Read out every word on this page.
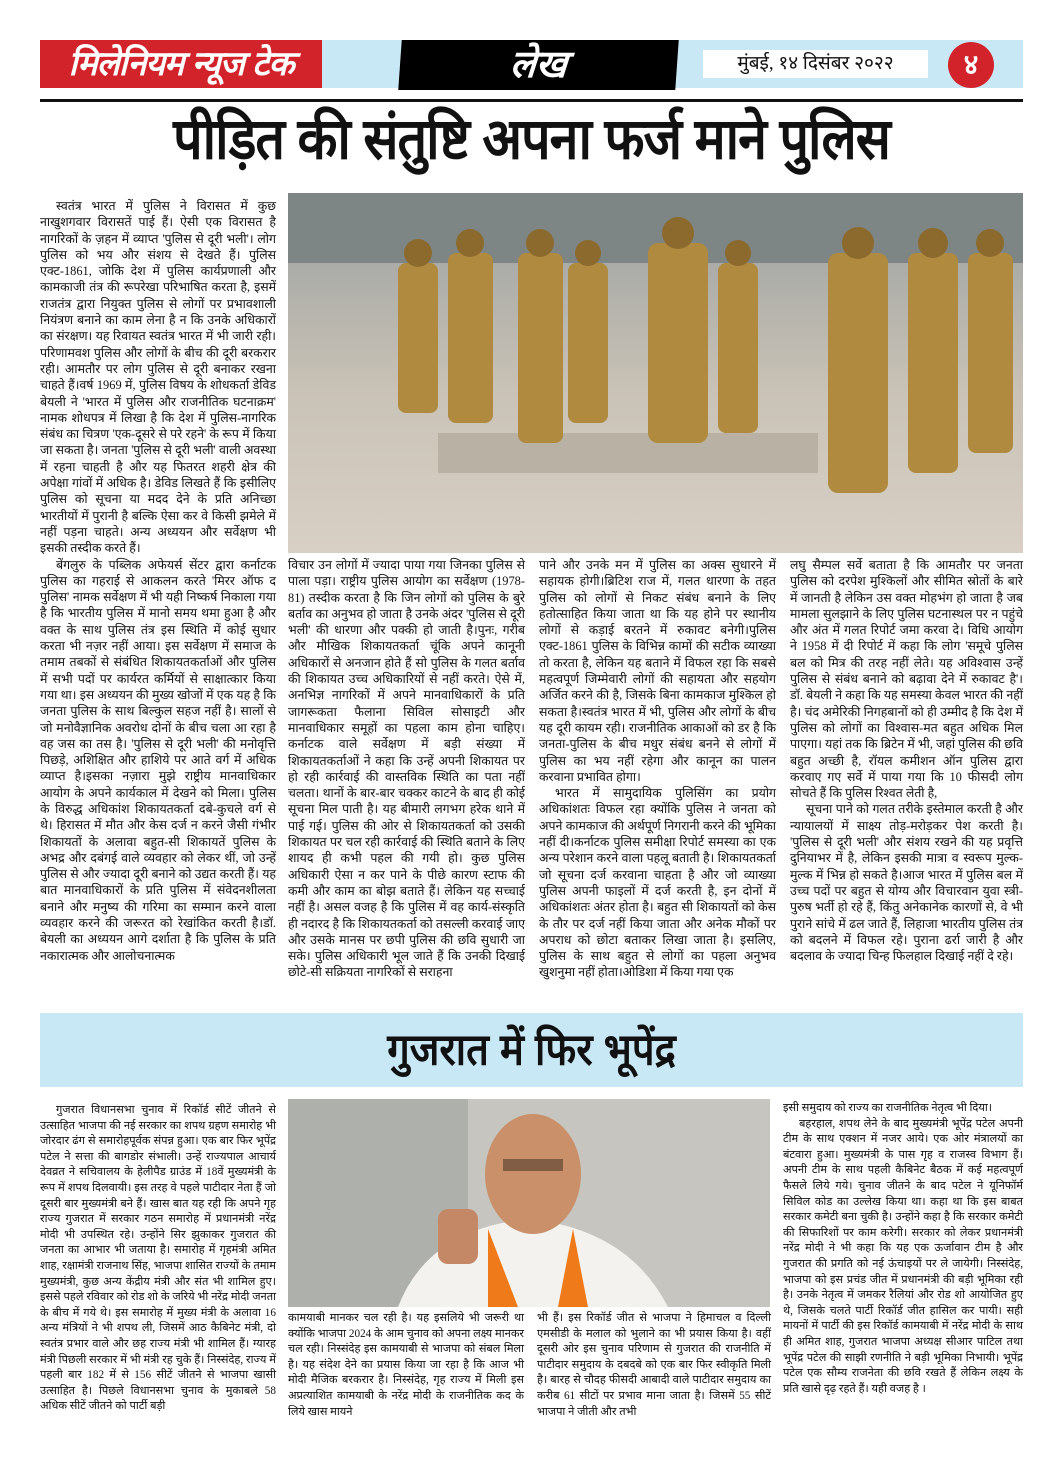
मिलेनियम न्यूज टेक	लेख	मुंबई, १४ दिसंबर २०२२	४
पीड़ित की संतुष्टि अपना फर्ज माने पुलिस

स्वतंत्र भारत में पुलिस ने विरासत में कुछ नाखुशगवार विरासतें पाई हैं। ऐसी एक विरासत है नागरिकों के ज़हन में व्याप्त 'पुलिस से दूरी भली'। लोग पुलिस को भय और संशय से देखते हैं। पुलिस एक्ट-1861, जोकि देश में पुलिस कार्यप्रणाली और कामकाजी तंत्र की रूपरेखा परिभाषित करता है, इसमें राजतंत्र द्वारा नियुक्त पुलिस से लोगों पर प्रभावशाली नियंत्रण बनाने का काम लेना है न कि उनके अधिकारों का संरक्षण। यह रिवायत स्वतंत्र भारत में भी जारी रही। परिणामवश पुलिस और लोगों के बीच की दूरी बरकरार रही। आमतौर पर लोग पुलिस से दूरी बनाकर रखना चाहते हैं।वर्ष 1969 में, पुलिस विषय के शोधकर्ता डेविड बेयली ने 'भारत में पुलिस और राजनीतिक घटनाक्रम' नामक शोधपत्र में लिखा है कि देश में पुलिस-नागरिक संबंध का चित्रण 'एक-दूसरे से परे रहने' के रूप में किया जा सकता है। जनता 'पुलिस से दूरी भली' वाली अवस्था में रहना चाहती है और यह फितरत शहरी क्षेत्र की अपेक्षा गांवों में अधिक है। डेविड लिखते हैं कि इसीलिए पुलिस को सूचना या मदद देने के प्रति अनिच्छा भारतीयों में पुरानी है बल्कि ऐसा कर वे किसी झमेले में नहीं पड़ना चाहते। अन्य अध्ययन और सर्वेक्षण भी इसकी तस्दीक करते हैं।

बेंगलुरु के पब्लिक अफेयर्स सेंटर द्वारा कर्नाटक पुलिस का गहराई से आकलन करते 'मिरर ऑफ द पुलिस' नामक सर्वेक्षण में भी यही निष्कर्ष निकाला गया है कि भारतीय पुलिस में मानो समय थमा हुआ है और वक्त के साथ पुलिस तंत्र इस स्थिति में कोई सुधार करता भी नज़र नहीं आया। इस सर्वेक्षण में समाज के तमाम तबकों से संबंधित शिकायतकर्ताओं और पुलिस में सभी पदों पर कार्यरत कर्मियों से साक्षात्कार किया गया था। इस अध्ययन की मुख्य खोजों में एक यह है कि जनता पुलिस के साथ बिल्कुल सहज नहीं है। सालों से जो मनोवैज्ञानिक अवरोध दोनों के बीच चला आ रहा है वह जस का तस है। 'पुलिस से दूरी भली' की मनोवृत्ति पिछड़े, अशिक्षित और हाशिये पर आते वर्ग में अधिक व्याप्त है।इसका नज़ारा मुझे राष्ट्रीय मानवाधिकार आयोग के अपने कार्यकाल में देखने को मिला। पुलिस के विरुद्ध अधिकांश शिकायतकर्ता दबे-कुचले वर्ग से थे। हिरासत में मौत और केस दर्ज न करने जैसी गंभीर शिकायतों के अलावा बहुत-सी शिकायतें पुलिस के अभद्र और दबंगई वाले व्यवहार को लेकर थीं, जो उन्हें पुलिस से और ज्यादा दूरी बनाने को उद्यत करती हैं। यह बात मानवाधिकारों के प्रति पुलिस में संवेदनशीलता बनाने और मनुष्य की गरिमा का सम्मान करने वाला व्यवहार करने की जरूरत को रेखांकित करती है।डॉ. बेयली का अध्ययन आगे दर्शाता है कि पुलिस के प्रति नकारात्मक और आलोचनात्मक

विचार उन लोगों में ज्यादा पाया गया जिनका पुलिस से पाला पड़ा। राष्ट्रीय पुलिस आयोग का सर्वेक्षण (1978-81) तस्दीक करता है कि जिन लोगों को पुलिस के बुरे बर्ताव का अनुभव हो जाता है उनके अंदर 'पुलिस से दूरी भली' की धारणा और पक्की हो जाती है।पुनः, गरीब और मौखिक शिकायतकर्ता चूंकि अपने कानूनी अधिकारों से अनजान होते हैं सो पुलिस के गलत बर्ताव की शिकायत उच्च अधिकारियों से नहीं करते। ऐसे में, अनभिज्ञ नागरिकों में अपने मानवाधिकारों के प्रति जागरूकता फैलाना सिविल सोसाइटी और मानवाधिकार समूहों का पहला काम होना चाहिए।कर्नाटक वाले सर्वेक्षण में बड़ी संख्या में शिकायतकर्ताओं ने कहा कि उन्हें अपनी शिकायत पर हो रही कार्रवाई की वास्तविक स्थिति का पता नहीं चलता। थानों के बार-बार चक्कर काटने के बाद ही कोई सूचना मिल पाती है। यह बीमारी लगभग हरेक थाने में पाई गई। पुलिस की ओर से शिकायतकर्ता को उसकी शिकायत पर चल रही कार्रवाई की स्थिति बताने के लिए शायद ही कभी पहल की गयी हो। कुछ पुलिस अधिकारी ऐसा न कर पाने के पीछे कारण स्टाफ की कमी और काम का बोझ बताते हैं। लेकिन यह सच्चाई नहीं है। असल वजह है कि पुलिस में वह कार्य-संस्कृति ही नदारद है कि शिकायतकर्ता को तसल्ली करवाई जाए और उसके मानस पर छपी पुलिस की छवि सुधारी जा सके। पुलिस अधिकारी भूल जाते हैं कि उनकी दिखाई छोटे-सी सक्रियता नागरिकों से सराहना

पाने और उनके मन में पुलिस का अक्स सुधारने में सहायक होगी।ब्रिटिश राज में, गलत धारणा के तहत पुलिस को लोगों से निकट संबंध बनाने के लिए हतोत्साहित किया जाता था कि यह होने पर स्थानीय लोगों से कड़ाई बरतने में रुकावट बनेगी।पुलिस एक्ट-1861 पुलिस के विभिन्न कामों की सटीक व्याख्या तो करता है, लेकिन यह बताने में विफल रहा कि सबसे महत्वपूर्ण जिम्मेवारी लोगों की सहायता और सहयोग अर्जित करने की है, जिसके बिना कामकाज मुश्किल हो सकता है।स्वतंत्र भारत में भी, पुलिस और लोगों के बीच यह दूरी कायम रही। राजनीतिक आकाओं को डर है कि जनता-पुलिस के बीच मधुर संबंध बनने से लोगों में पुलिस का भय नहीं रहेगा और कानून का पालन करवाना प्रभावित होगा।

भारत में सामुदायिक पुलिसिंग का प्रयोग अधिकांशतः विफल रहा क्योंकि पुलिस ने जनता को अपने कामकाज की अर्थपूर्ण निगरानी करने की भूमिका नहीं दी।कर्नाटक पुलिस समीक्षा रिपोर्ट समस्या का एक अन्य परेशान करने वाला पहलू बताती है। शिकायतकर्ता जो सूचना दर्ज करवाना चाहता है और जो व्याख्या पुलिस अपनी फाइलों में दर्ज करती है, इन दोनों में अधिकांशतः अंतर होता है। बहुत सी शिकायतों को केस के तौर पर दर्ज नहीं किया जाता और अनेक मौकों पर अपराध को छोटा बताकर लिखा जाता है। इसलिए, पुलिस के साथ बहुत से लोगों का पहला अनुभव खुशनुमा नहीं होता।ओडिशा में किया गया एक

लघु सैम्पल सर्वे बताता है कि आमतौर पर जनता पुलिस को दरपेश मुश्किलों और सीमित स्रोतों के बारे में जानती है लेकिन उस वक्त मोहभंग हो जाता है जब मामला सुलझाने के लिए पुलिस घटनास्थल पर न पहुंचे और अंत में गलत रिपोर्ट जमा करवा दे। विधि आयोग ने 1958 में दी रिपोर्ट में कहा कि लोग 'समूचे पुलिस बल को मित्र की तरह नहीं लेते। यह अविश्वास उन्हें पुलिस से संबंध बनाने को बढ़ावा देने में रुकावट है'। डॉ. बेयली ने कहा कि यह समस्या केवल भारत की नहीं है। चंद अमेरिकी निगहबानों को ही उम्मीद है कि देश में पुलिस को लोगों का विश्वास-मत बहुत अधिक मिल पाएगा। यहां तक कि ब्रिटेन में भी, जहां पुलिस की छवि बहुत अच्छी है, रॉयल कमीशन ऑन पुलिस द्वारा करवाए गए सर्वे में पाया गया कि 10 फीसदी लोग सोचते हैं कि पुलिस रिश्वत लेती है,

सूचना पाने को गलत तरीके इस्तेमाल करती है और न्यायालयों में साक्ष्य तोड़-मरोड़कर पेश करती है। 'पुलिस से दूरी भली' और संशय रखने की यह प्रवृत्ति दुनियाभर में है, लेकिन इसकी मात्रा व स्वरूप मुल्क-मुल्क में भिन्न हो सकते है।आज भारत में पुलिस बल में उच्च पदों पर बहुत से योग्य और विचारवान युवा स्त्री-पुरुष भर्ती हो रहे हैं, किंतु अनेकानेक कारणों से, वे भी पुराने सांचे में ढल जाते हैं, लिहाजा भारतीय पुलिस तंत्र को बदलने में विफल रहे। पुराना ढर्रा जारी है और बदलाव के ज्यादा चिन्ह फिलहाल दिखाई नहीं दे रहे।

गुजरात में फिर भूपेंद्र

गुजरात विधानसभा चुनाव में रिकॉर्ड सीटें जीतने से उत्साहित भाजपा की नई सरकार का शपथ ग्रहण समारोह भी जोरदार ढंग से समारोहपूर्वक संपन्न हुआ। एक बार फिर भूपेंद्र पटेल ने सत्ता की बागडोर संभाली। उन्हें राज्यपाल आचार्य देवव्रत ने सचिवालय के हेलीपैड ग्राउंड में 18वें मुख्यमंत्री के रूप में शपथ दिलवायी। इस तरह वे पहले पाटीदार नेता हैं जो दूसरी बार मुख्यमंत्री बने हैं। खास बात यह रही कि अपने गृह राज्य गुजरात में सरकार गठन समारोह में प्रधानमंत्री नरेंद्र मोदी भी उपस्थित रहे। उन्होंने सिर झुकाकर गुजरात की जनता का आभार भी जताया है। समारोह में गृहमंत्री अमित शाह, रक्षामंत्री राजनाथ सिंह, भाजपा शासित राज्यों के तमाम मुख्यमंत्री, कुछ अन्य केंद्रीय मंत्री और संत भी शामिल हुए। इससे पहले रविवार को रोड शो के जरिये भी नरेंद्र मोदी जनता के बीच में गये थे। इस समारोह में मुख्य मंत्री के अलावा 16 अन्य मंत्रियों ने भी शपथ ली, जिसमें आठ कैबिनेट मंत्री, दो स्वतंत्र प्रभार वाले और छह राज्य मंत्री भी शामिल हैं। ग्यारह मंत्री पिछली सरकार में भी मंत्री रह चुके हैं। निस्संदेह, राज्य में पहली बार 182 में से 156 सीटें जीतने से भाजपा खासी उत्साहित है। पिछले विधानसभा चुनाव के मुकाबले 58 अधिक सीटें जीतने को पार्टी बड़ी

कामयाबी मानकर चल रही है। यह इसलिये भी जरूरी था क्योंकि भाजपा 2024 के आम चुनाव को अपना लक्ष्य मानकर चल रही। निस्संदेह इस कामयाबी से भाजपा को संबल मिला है। यह संदेश देने का प्रयास किया जा रहा है कि आज भी मोदी मैजिक बरकरार है। निस्संदेह, गृह राज्य में मिली इस अप्रत्याशित कामयाबी के नरेंद्र मोदी के राजनीतिक कद के लिये खास मायने

भी हैं। इस रिकॉर्ड जीत से भाजपा ने हिमाचल व दिल्ली एमसीडी के मलाल को भुलाने का भी प्रयास किया है। वहीं दूसरी ओर इस चुनाव परिणाम से गुजरात की राजनीति में पाटीदार समुदाय के दबदबे को एक बार फिर स्वीकृति मिली है। बारह से चौदह फीसदी आबादी वाले पाटीदार समुदाय का करीब 61 सीटों पर प्रभाव माना जाता है। जिसमें 55 सीटें भाजपा ने जीती और तभी

इसी समुदाय को राज्य का राजनीतिक नेतृत्व भी दिया।

बहरहाल, शपथ लेने के बाद मुख्यमंत्री भूपेंद्र पटेल अपनी टीम के साथ एक्शन में नजर आये। एक ओर मंत्रालयों का बंटवारा हुआ। मुख्यमंत्री के पास गृह व राजस्व विभाग हैं। अपनी टीम के साथ पहली कैबिनेट बैठक में कई महत्वपूर्ण फैसले लिये गये। चुनाव जीतने के बाद पटेल ने यूनिफॉर्म सिविल कोड का उल्लेख किया था। कहा था कि इस बाबत सरकार कमेटी बना चुकी है। उन्होंने कहा है कि सरकार कमेटी की सिफारिशों पर काम करेगी। सरकार को लेकर प्रधानमंत्री नरेंद्र मोदी ने भी कहा कि यह एक ऊर्जावान टीम है और गुजरात की प्रगति को नई ऊंचाइयों पर ले जायेगी। निस्संदेह, भाजपा को इस प्रचंड जीत में प्रधानमंत्री की बड़ी भूमिका रही है। उनके नेतृत्व में जमकर रैलियां और रोड शो आयोजित हुए थे, जिसके चलते पार्टी रिकॉर्ड जीत हासिल कर पायी। सही मायनों में पार्टी की इस रिकॉर्ड कामयाबी में नरेंद्र मोदी के साथ ही अमित शाह, गुजरात भाजपा अध्यक्ष सीआर पाटिल तथा भूपेंद्र पटेल की साझी रणनीति ने बड़ी भूमिका निभायी। भूपेंद्र पटेल एक सौम्य राजनेता की छवि रखते हैं लेकिन लक्ष्य के प्रति खासे दृढ़ रहते हैं। यही वजह है ।
